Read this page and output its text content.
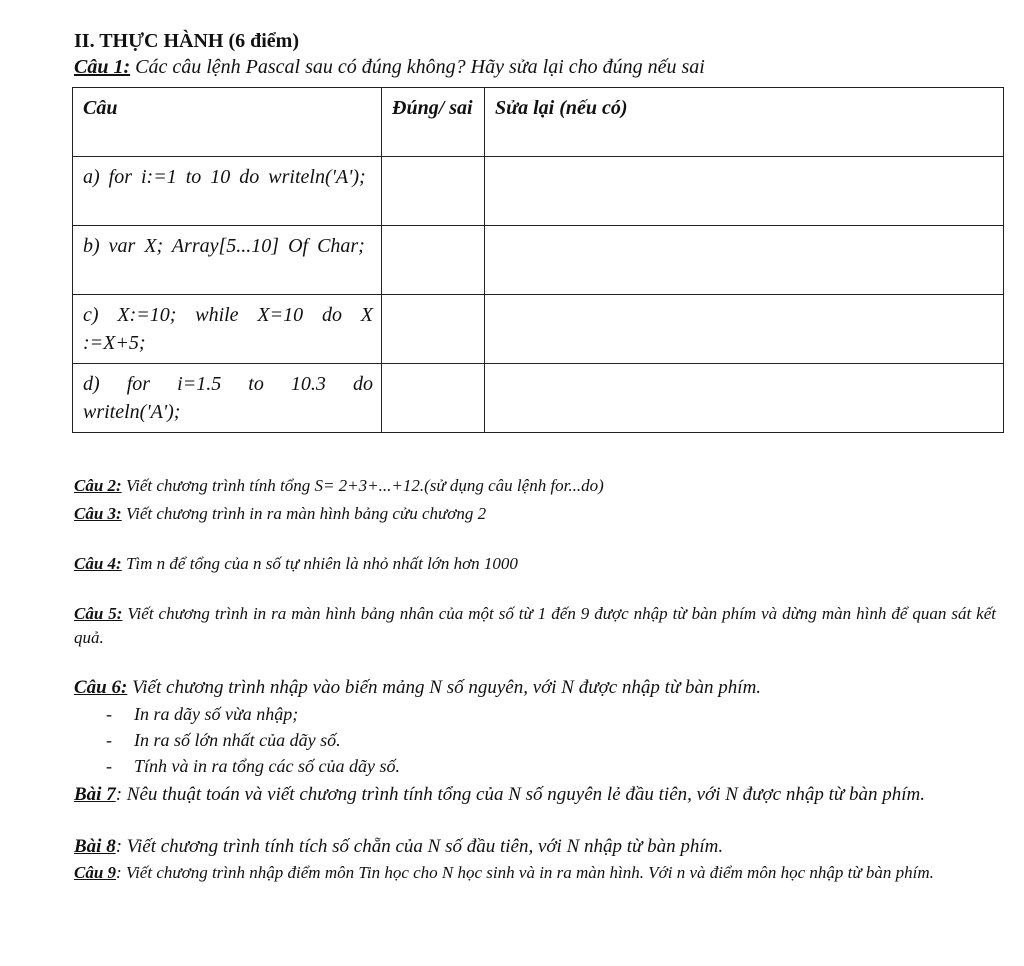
II. THỰC HÀNH (6 điểm)
Câu 1: Các câu lệnh Pascal sau có đúng không? Hãy sửa lại cho đúng nếu sai
Câu	Đúng/ sai	Sửa lại (nếu có)
a) for i:=1 to 10 do writeln('A');		
b) var X; Array[5...10] Of Char;		
c) X:=10; while X=10 do X :=X+5;		
d) for i=1.5 to 10.3 do writeln('A');		
Câu 2: Viết chương trình tính tổng S= 2+3+...+12.(sử dụng câu lệnh for...do)
Câu 3: Viết chương trình in ra màn hình bảng cửu chương 2
Câu 4: Tìm n để tổng của n số tự nhiên là nhỏ nhất lớn hơn 1000
Câu 5: Viết chương trình in ra màn hình bảng nhân của một số từ 1 đến 9 được nhập từ bàn phím và dừng màn hình để quan sát kết quả.
Câu 6: Viết chương trình nhập vào biến mảng N số nguyên, với N được nhập từ bàn phím.
- In ra dãy số vừa nhập;
- In ra số lớn nhất của dãy số.
- Tính và in ra tổng các số của dãy số.
Bài 7: Nêu thuật toán và viết chương trình tính tổng của N số nguyên lẻ đầu tiên, với N được nhập từ bàn phím.
Bài 8: Viết chương trình tính tích số chẵn của N số đầu tiên, với N nhập từ bàn phím.
Câu 9: Viết chương trình nhập điểm môn Tin học cho N học sinh và in ra màn hình. Với n và điểm môn học nhập từ bàn phím.
